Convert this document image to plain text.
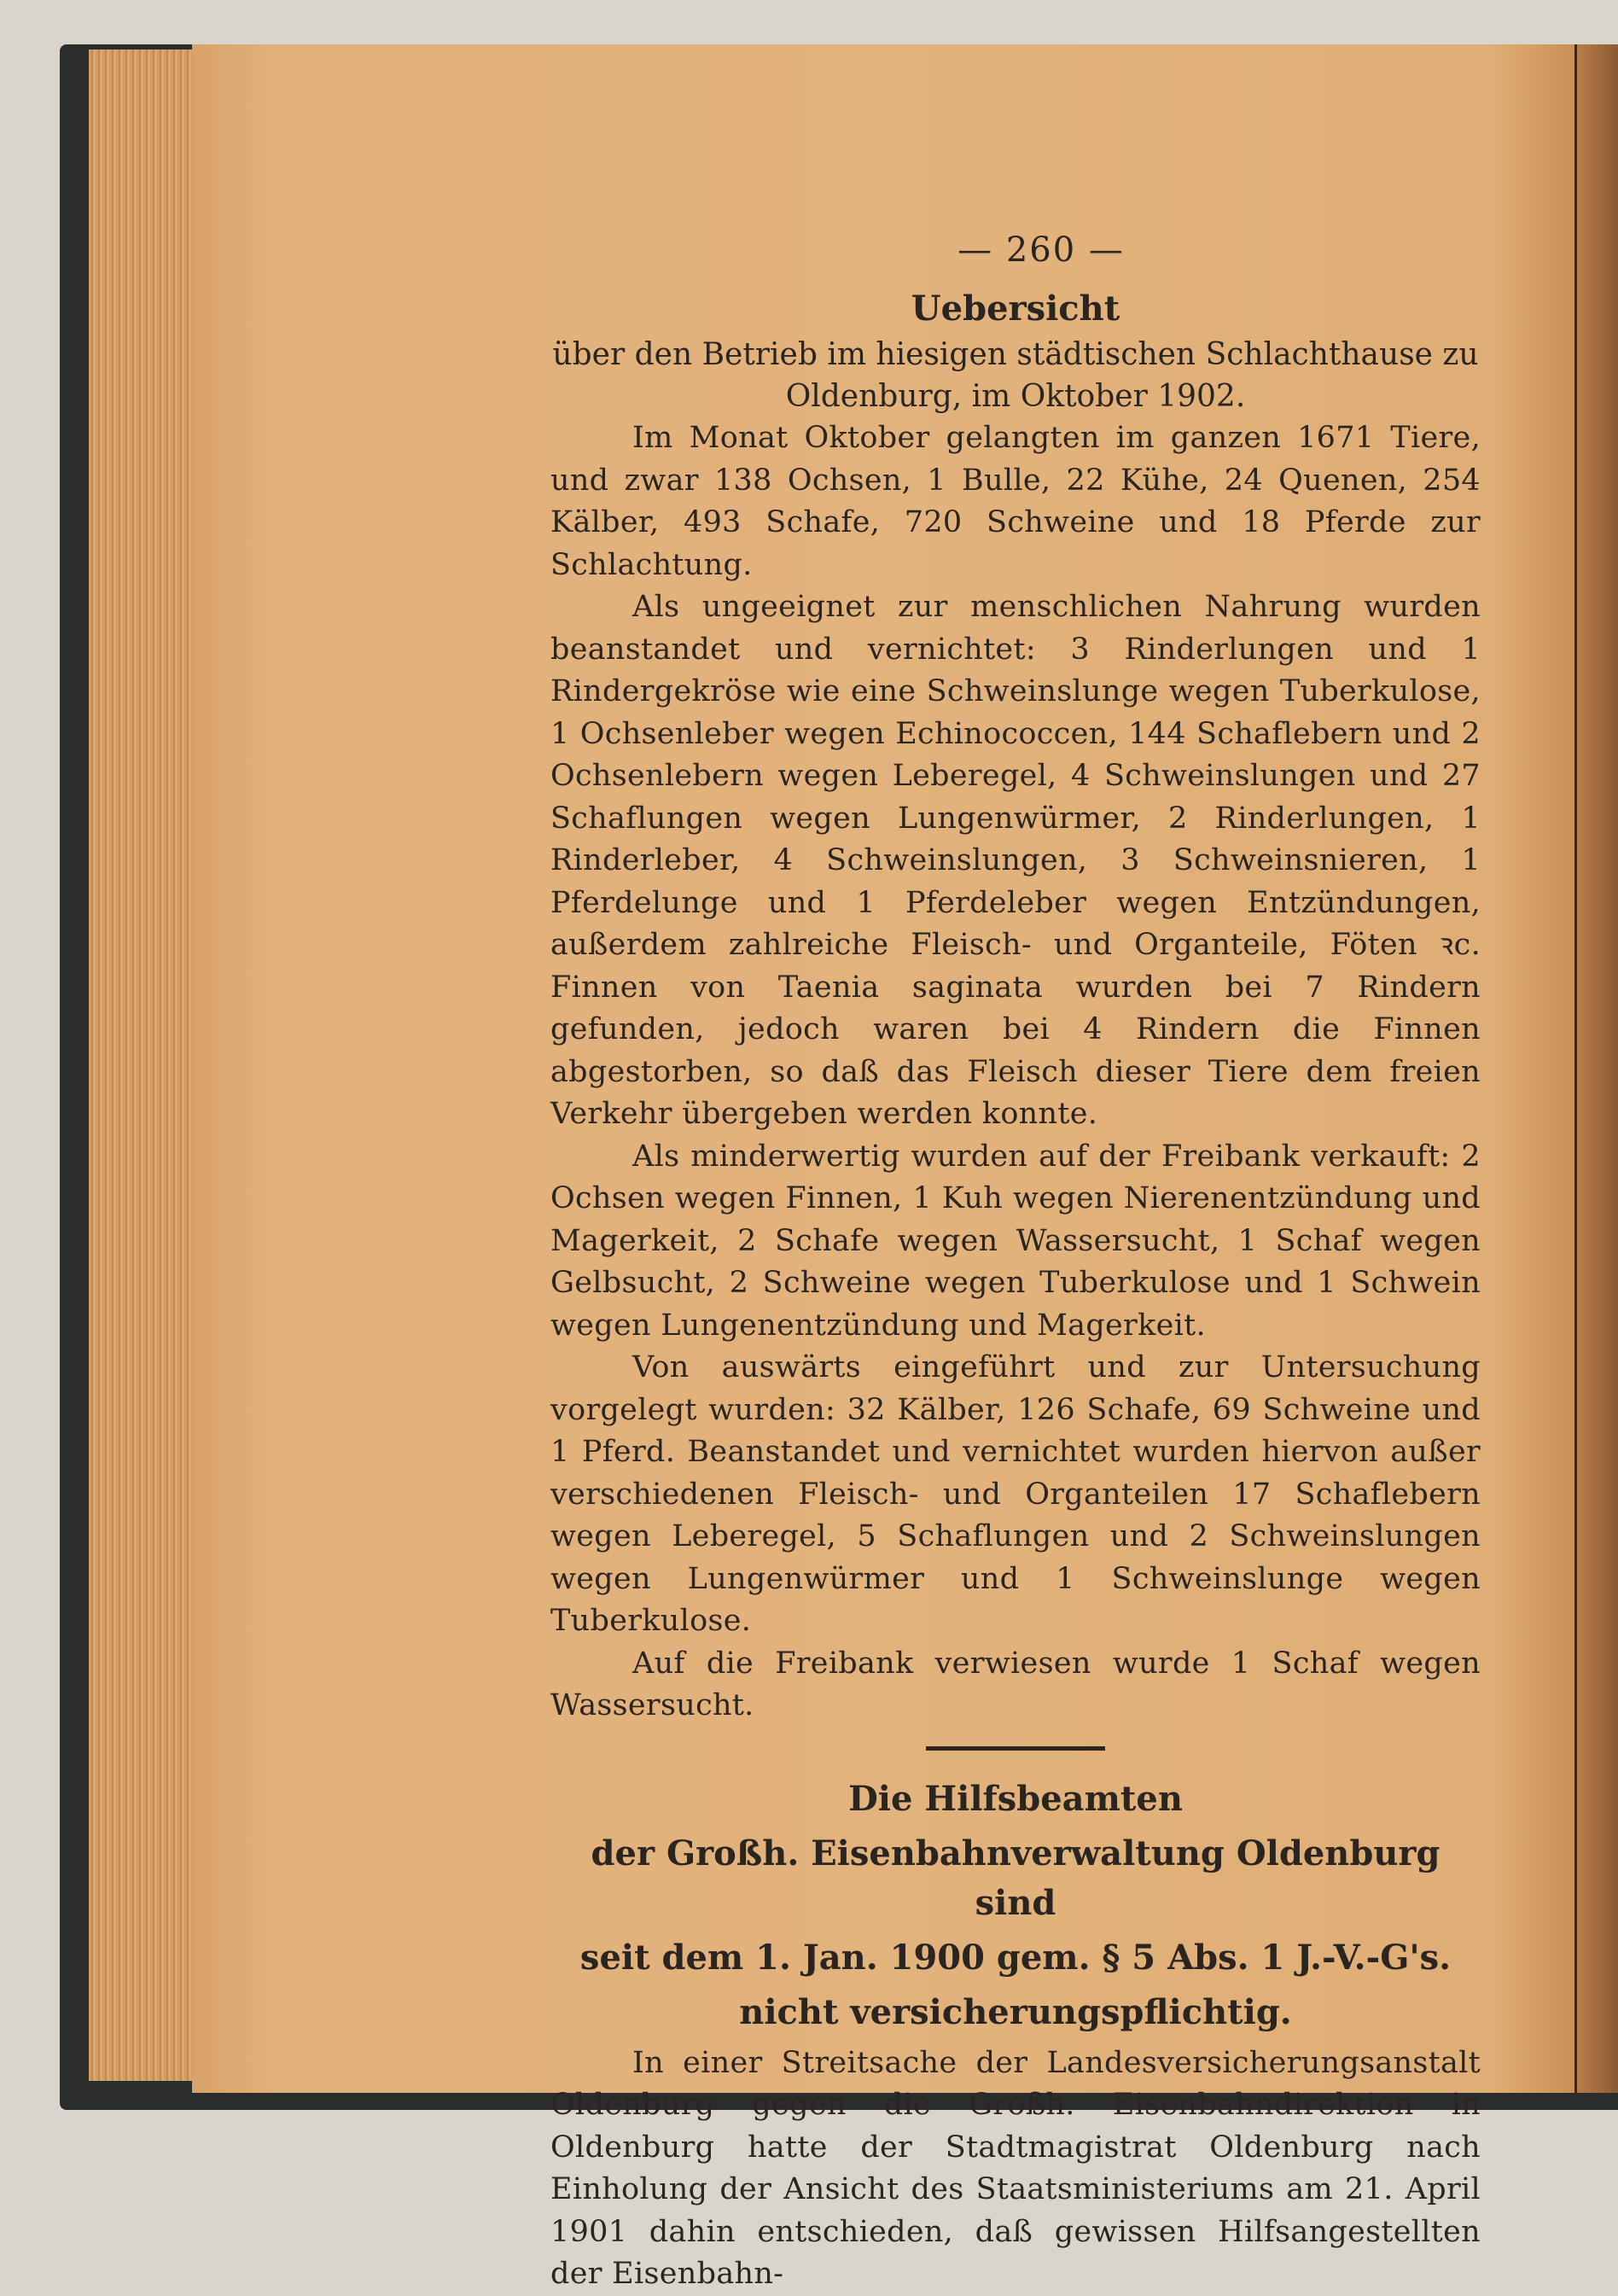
— 260 —
Uebersicht

über den Betrieb im hiesigen städtischen Schlachthause zu Oldenburg, im Oktober 1902.

Im Monat Oktober gelangten im ganzen 1671 Tiere, und zwar 138 Ochsen, 1 Bulle, 22 Kühe, 24 Quenen, 254 Kälber, 493 Schafe, 720 Schweine und 18 Pferde zur Schlachtung.

Als ungeeignet zur menschlichen Nahrung wurden beanstandet und vernichtet: 3 Rinderlungen und 1 Rindergekröse wie eine Schweinslunge wegen Tuberkulose, 1 Ochsenleber wegen Echinococcen, 144 Schaflebern und 2 Ochsenlebern wegen Leberegel, 4 Schweinslungen und 27 Schaflungen wegen Lungenwürmer, 2 Rinderlungen, 1 Rinderleber, 4 Schweinslungen, 3 Schweinsnieren, 1 Pferdelunge und 1 Pferdeleber wegen Entzündungen, außerdem zahlreiche Fleisch- und Organteile, Föten ꝛc. Finnen von Taenia saginata wurden bei 7 Rindern gefunden, jedoch waren bei 4 Rindern die Finnen abgestorben, so daß das Fleisch dieser Tiere dem freien Verkehr übergeben werden konnte.

Als minderwertig wurden auf der Freibank verkauft: 2 Ochsen wegen Finnen, 1 Kuh wegen Nierenentzündung und Magerkeit, 2 Schafe wegen Wassersucht, 1 Schaf wegen Gelbsucht, 2 Schweine wegen Tuberkulose und 1 Schwein wegen Lungenentzündung und Magerkeit.

Von auswärts eingeführt und zur Untersuchung vorgelegt wurden: 32 Kälber, 126 Schafe, 69 Schweine und 1 Pferd. Beanstandet und vernichtet wurden hiervon außer verschiedenen Fleisch- und Organteilen 17 Schaflebern wegen Leberegel, 5 Schaflungen und 2 Schweinslungen wegen Lungenwürmer und 1 Schweinslunge wegen Tuberkulose.

Auf die Freibank verwiesen wurde 1 Schaf wegen Wassersucht.

Die Hilfsbeamten
der Großh. Eisenbahnverwaltung Oldenburg sind
seit dem 1. Jan. 1900 gem. § 5 Abs. 1 J.-V.-G's.
nicht versicherungspflichtig.

In einer Streitsache der Landesversicherungsanstalt Oldenburg gegen die Großh. Eisenbahndirektion in Oldenburg hatte der Stadtmagistrat Oldenburg nach Einholung der Ansicht des Staatsministeriums am 21. April 1901 dahin entschieden, daß gewissen Hilfsangestellten der Eisenbahn-
